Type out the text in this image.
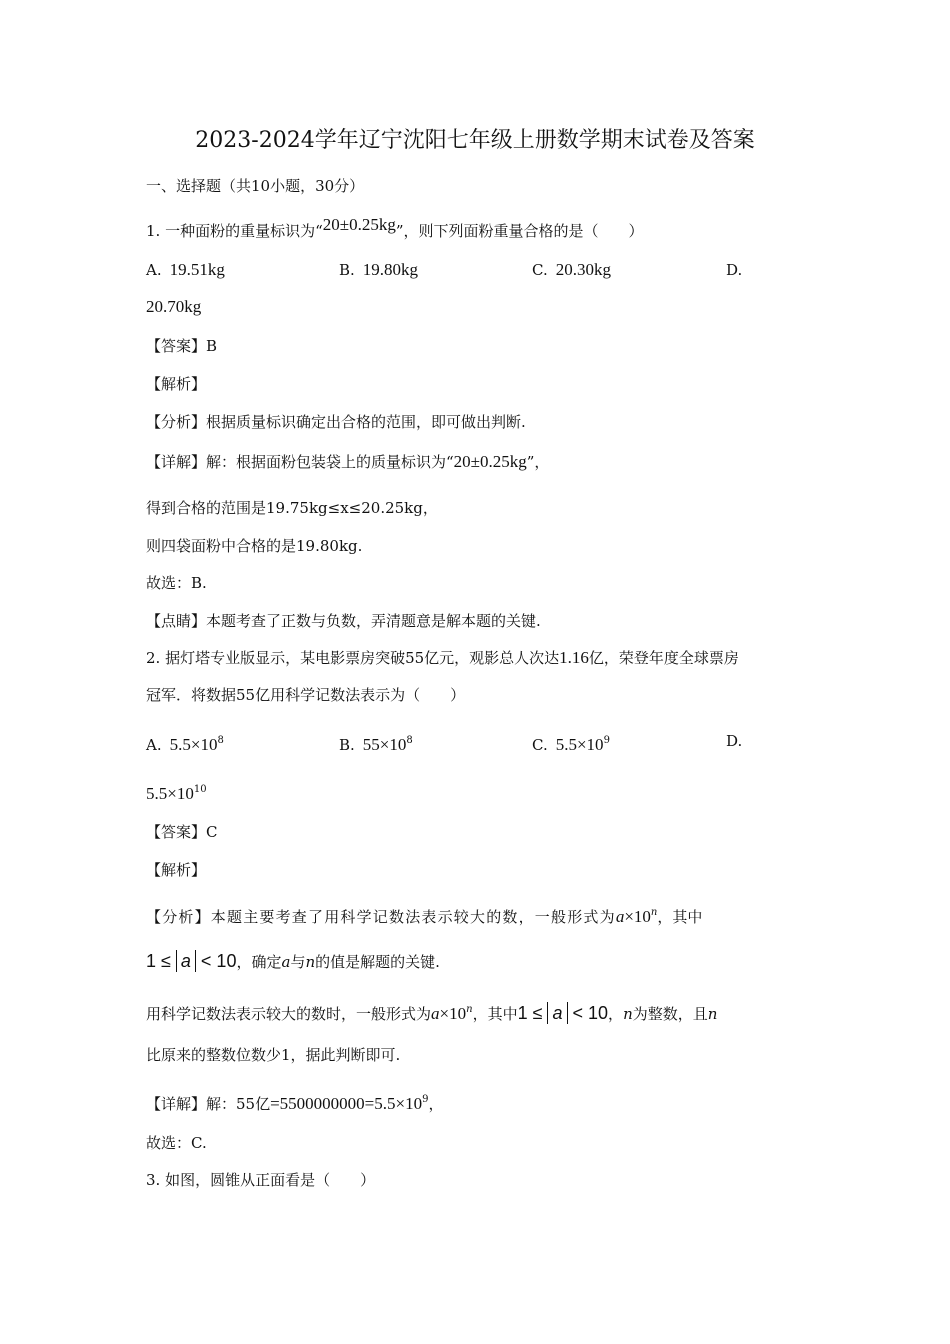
2023-2024学年辽宁沈阳七年级上册数学期末试卷及答案
一、选择题（共10小题，30分）
1. 一种面粉的重量标识为“20±0.25kg”，则下列面粉重量合格的是（　　）
A. 19.51kg	B. 19.80kg	C. 20.30kg	D.
20.70kg
【答案】B
【解析】
【分析】根据质量标识确定出合格的范围，即可做出判断.
【详解】解：根据面粉包装袋上的质量标识为“20±0.25kg”，
得到合格的范围是19.75kg≤x≤20.25kg，
则四袋面粉中合格的是19.80kg.
故选：B.
【点睛】本题考查了正数与负数，弄清题意是解本题的关键.
2. 据灯塔专业版显示，某电影票房突破55亿元，观影总人次达1.16亿，荣登年度全球票房
冠军．将数据55亿用科学记数法表示为（　　）
A. $5.5\times 10^8$	B. $55\times 10^8$	C. $5.5\times 10^9$	D.
$5.5\times 10^{10}$
【答案】C
【解析】
【分析】本题主要考查了用科学记数法表示较大的数，一般形式为$a\times 10^n$，其中
1 ≤ a < 10，确定a与n的值是解题的关键.
用科学记数法表示较大的数时，一般形式为$a\times 10^n$，其中1 ≤ a < 10，n为整数，且n
比原来的整数位数少1，据此判断即可.
【详解】解：55亿$=5500000000=5.5\times 10^9$，
故选：C.
3. 如图，圆锥从正面看是（　　）
